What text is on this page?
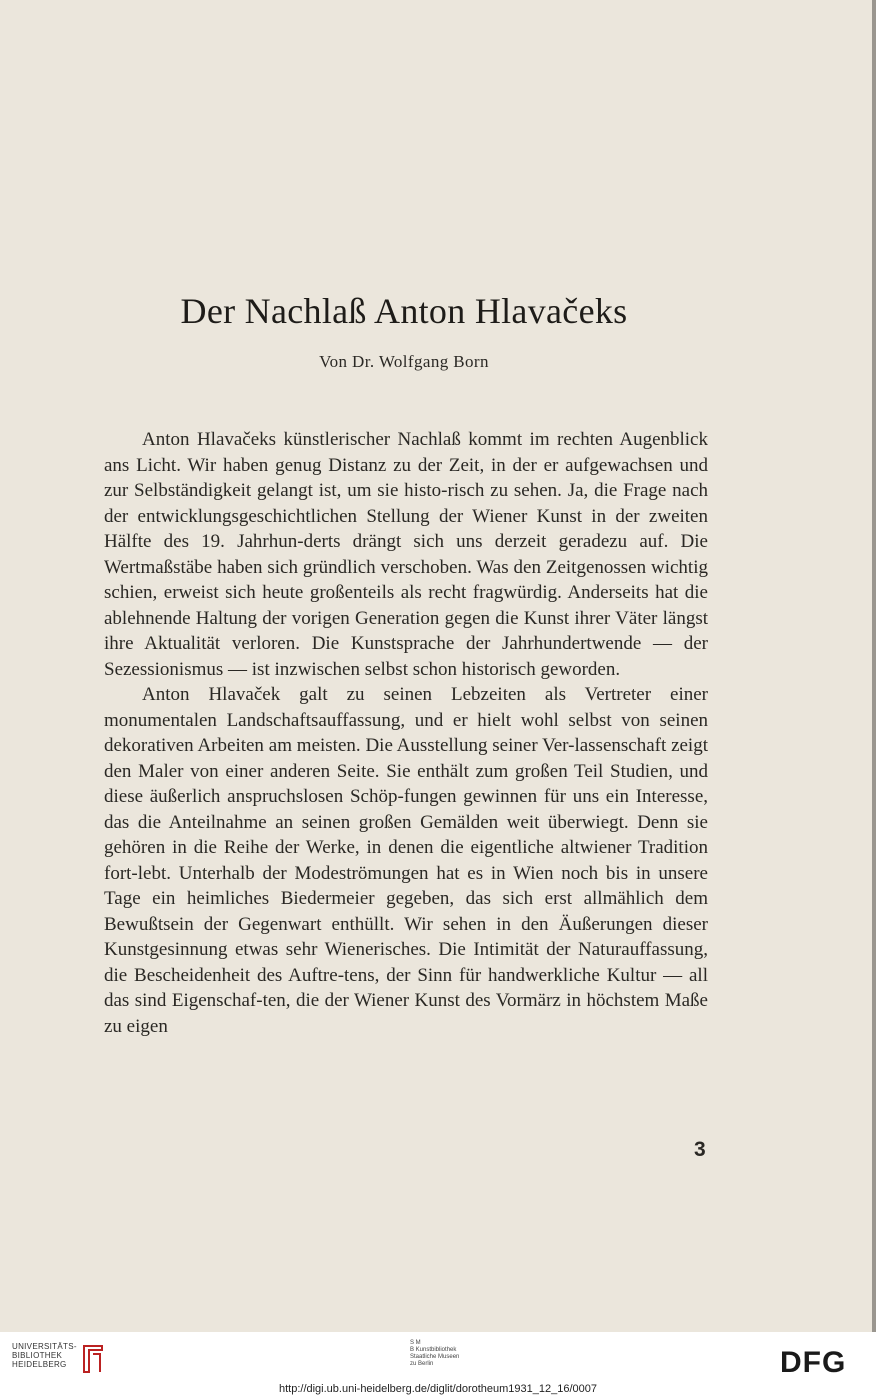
Der Nachlaß Anton Hlavačeks
Von Dr. Wolfgang Born

Anton Hlavačeks künstlerischer Nachlaß kommt im rechten Augenblick ans Licht. Wir haben genug Distanz zu der Zeit, in der er aufgewachsen und zur Selbständigkeit gelangt ist, um sie histo-risch zu sehen. Ja, die Frage nach der entwicklungsgeschichtlichen Stellung der Wiener Kunst in der zweiten Hälfte des 19. Jahrhun-derts drängt sich uns derzeit geradezu auf. Die Wertmaßstäbe haben sich gründlich verschoben. Was den Zeitgenossen wichtig schien, erweist sich heute großenteils als recht fragwürdig. Anderseits hat die ablehnende Haltung der vorigen Generation gegen die Kunst ihrer Väter längst ihre Aktualität verloren. Die Kunstsprache der Jahrhundertwende — der Sezessionismus — ist inzwischen selbst schon historisch geworden.

Anton Hlavaček galt zu seinen Lebzeiten als Vertreter einer monumentalen Landschaftsauffassung, und er hielt wohl selbst von seinen dekorativen Arbeiten am meisten. Die Ausstellung seiner Ver-lassenschaft zeigt den Maler von einer anderen Seite. Sie enthält zum großen Teil Studien, und diese äußerlich anspruchslosen Schöp-fungen gewinnen für uns ein Interesse, das die Anteilnahme an seinen großen Gemälden weit überwiegt. Denn sie gehören in die Reihe der Werke, in denen die eigentliche altwiener Tradition fort-lebt. Unterhalb der Modeströmungen hat es in Wien noch bis in unsere Tage ein heimliches Biedermeier gegeben, das sich erst allmählich dem Bewußtsein der Gegenwart enthüllt. Wir sehen in den Äußerungen dieser Kunstgesinnung etwas sehr Wienerisches. Die Intimität der Naturauffassung, die Bescheidenheit des Auftre-tens, der Sinn für handwerkliche Kultur — all das sind Eigenschaf-ten, die der Wiener Kunst des Vormärz in höchstem Maße zu eigen

3
UNIVERSITÄTS-
BIBLIOTHEK
HEIDELBERG
S M
B Kunstbibliothek
Staatliche Museen
zu Berlin	DFG
http://digi.ub.uni-heidelberg.de/diglit/dorotheum1931_12_16/0007
